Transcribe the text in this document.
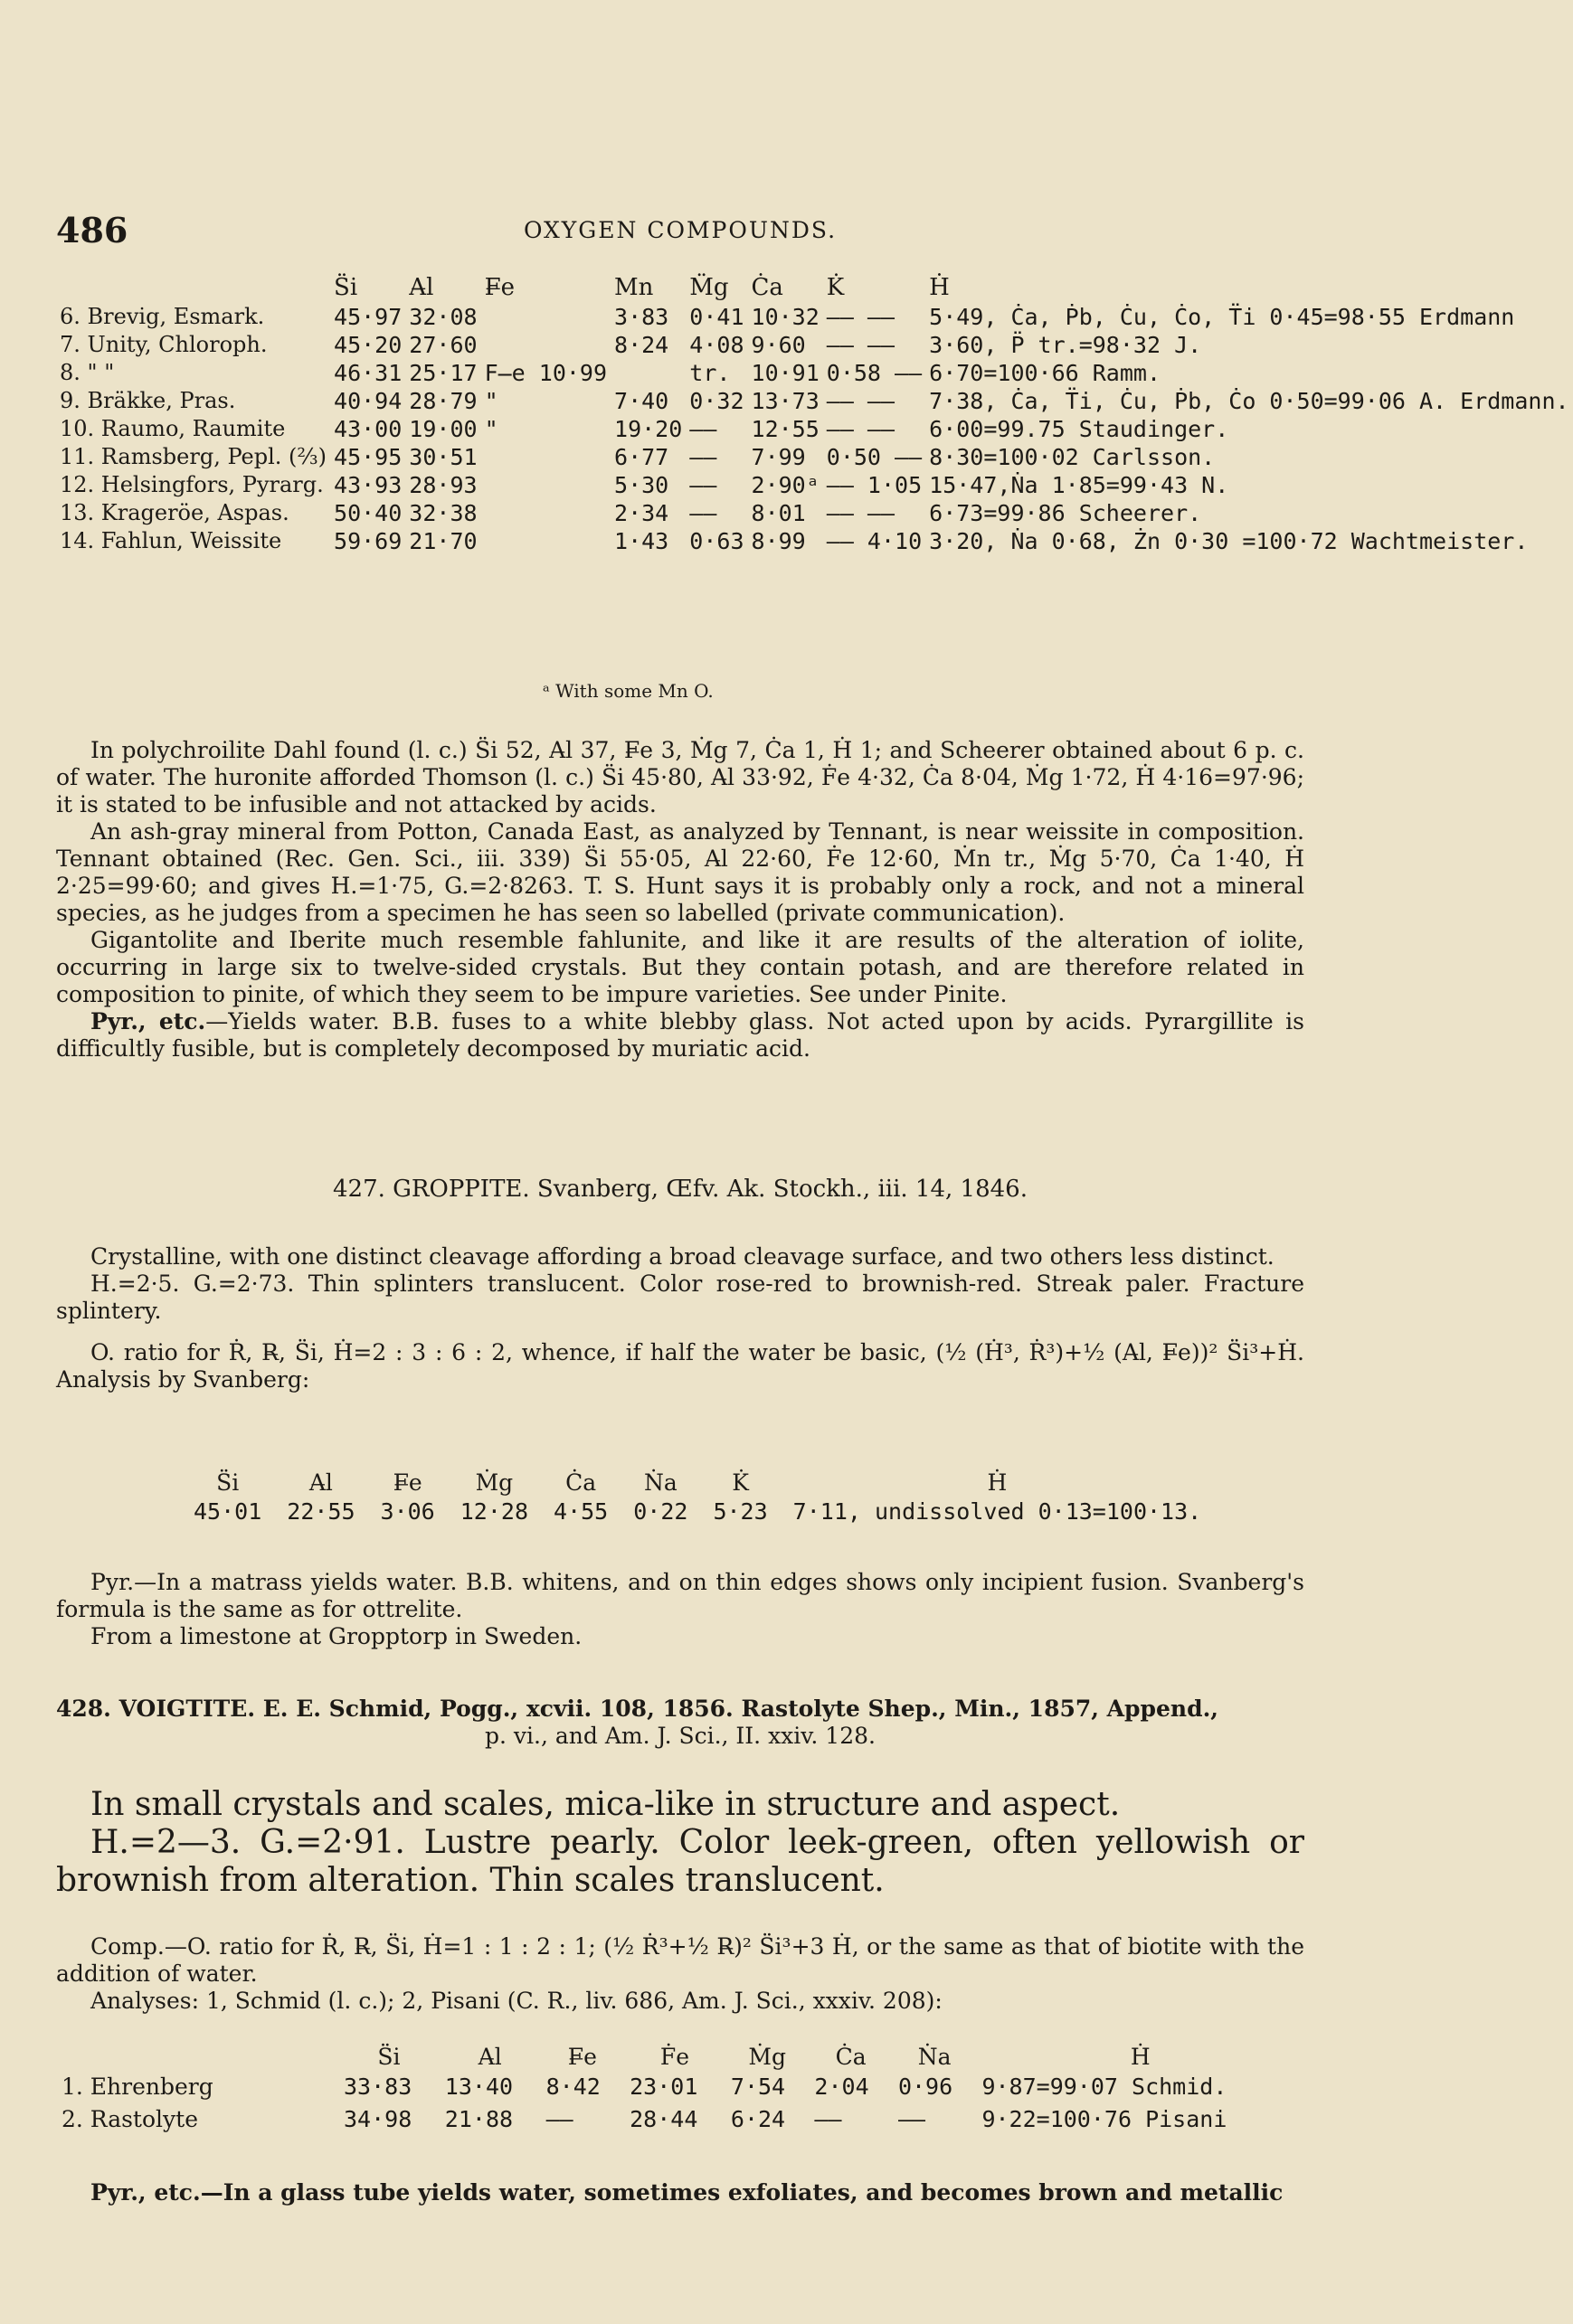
486	OXYGEN COMPOUNDS.
	S̈i	A̶l	F̶e	Mn	M̈g	Ċa	K̇	Ḣ
6. Brevig, Esmark.	45·97	32·08		3·83	0·41	10·32	—— ——	5·49, Ċa, Ṗb, Ċu, Ċo, T̈i 0·45=98·55 Erdmann
7. Unity, Chloroph.	45·20	27·60		8·24	4·08	9·60	—— ——	3·60, P̈ tr.=98·32 J.
8. " "	46·31	25·17	F̶e 10·99		tr.	10·91	0·58 ——	6·70=100·66 Ramm.
9. Bräkke, Pras.	40·94	28·79	"	7·40	0·32	13·73	—— ——	7·38, Ċa, T̈i, Ċu, Ṗb, Ċo 0·50=99·06 A. Erdmann.
10. Raumo, Raumite	43·00	19·00	"	19·20	——	12·55	—— ——	6·00=99.75 Staudinger.
11. Ramsberg, Pepl. (⅔)	45·95	30·51		6·77	——	7·99	0·50 ——	8·30=100·02 Carlsson.
12. Helsingfors, Pyrarg.	43·93	28·93		5·30	——	2·90ᵃ	—— 1·05	15·47,Ṅa 1·85=99·43 N.
13. Krageröe, Aspas.	50·40	32·38		2·34	——	8·01	—— ——	6·73=99·86 Scheerer.
14. Fahlun, Weissite	59·69	21·70		1·43	0·63	8·99	—— 4·10	3·20, Ṅa 0·68, Żn 0·30 =100·72 Wachtmeister.
ᵃ With some Mn O.

In polychroilite Dahl found (l. c.) S̈i 52, A̶l 37, F̶e 3, Ṁg 7, Ċa 1, Ḣ 1; and Scheerer obtained about 6 p. c. of water. The huronite afforded Thomson (l. c.) S̈i 45·80, A̶l 33·92, Ḟe 4·32, Ċa 8·04, Ṁg 1·72, Ḣ 4·16=97·96; it is stated to be infusible and not attacked by acids.

An ash-gray mineral from Potton, Canada East, as analyzed by Tennant, is near weissite in composition. Tennant obtained (Rec. Gen. Sci., iii. 339) S̈i 55·05, A̶l 22·60, Ḟe 12·60, Ṁn tr., Ṁg 5·70, Ċa 1·40, Ḣ 2·25=99·60; and gives H.=1·75, G.=2·8263. T. S. Hunt says it is probably only a rock, and not a mineral species, as he judges from a specimen he has seen so labelled (private communication).

Gigantolite and Iberite much resemble fahlunite, and like it are results of the alteration of iolite, occurring in large six to twelve-sided crystals. But they contain potash, and are therefore related in composition to pinite, of which they seem to be impure varieties. See under Pinite.

Pyr., etc.—Yields water. B.B. fuses to a white blebby glass. Not acted upon by acids. Pyrargillite is difficultly fusible, but is completely decomposed by muriatic acid.

427. GROPPITE. Svanberg, Œfv. Ak. Stockh., iii. 14, 1846.

Crystalline, with one distinct cleavage affording a broad cleavage surface, and two others less distinct.

H.=2·5. G.=2·73. Thin splinters translucent. Color rose-red to brownish-red. Streak paler. Fracture splintery.

O. ratio for Ṙ, R̶, S̈i, Ḣ=2 : 3 : 6 : 2, whence, if half the water be basic, (½ (Ḣ³, Ṙ³)+½ (A̶l, F̶e))² S̈i³+Ḣ. Analysis by Svanberg:

S̈i	A̶l	F̶e	Ṁg	Ċa	Ṅa	K̇	Ḣ
45·01	22·55	3·06	12·28	4·55	0·22	5·23	7·11, undissolved 0·13=100·13.

Pyr.—In a matrass yields water. B.B. whitens, and on thin edges shows only incipient fusion. Svanberg's formula is the same as for ottrelite.

From a limestone at Gropptorp in Sweden.

428. VOIGTITE. E. E. Schmid, Pogg., xcvii. 108, 1856. Rastolyte Shep., Min., 1857, Append.,

p. vi., and Am. J. Sci., II. xxiv. 128.

In small crystals and scales, mica-like in structure and aspect.

H.=2—3. G.=2·91. Lustre pearly. Color leek-green, often yellowish or brownish from alteration. Thin scales translucent.

Comp.—O. ratio for Ṙ, R̶, S̈i, Ḣ=1 : 1 : 2 : 1; (½ Ṙ³+½ R̶)² S̈i³+3 Ḣ, or the same as that of biotite with the addition of water.

Analyses: 1, Schmid (l. c.); 2, Pisani (C. R., liv. 686, Am. J. Sci., xxxiv. 208):

	S̈i	A̶l	F̶e	Ḟe	Ṁg	Ċa	Ṅa	Ḣ
1. Ehrenberg	33·83	13·40	8·42	23·01	7·54	2·04	0·96	9·87=99·07 Schmid.
2. Rastolyte	34·98	21·88	——	28·44	6·24	——	——	9·22=100·76 Pisani

Pyr., etc.—In a glass tube yields water, sometimes exfoliates, and becomes brown and metallic
